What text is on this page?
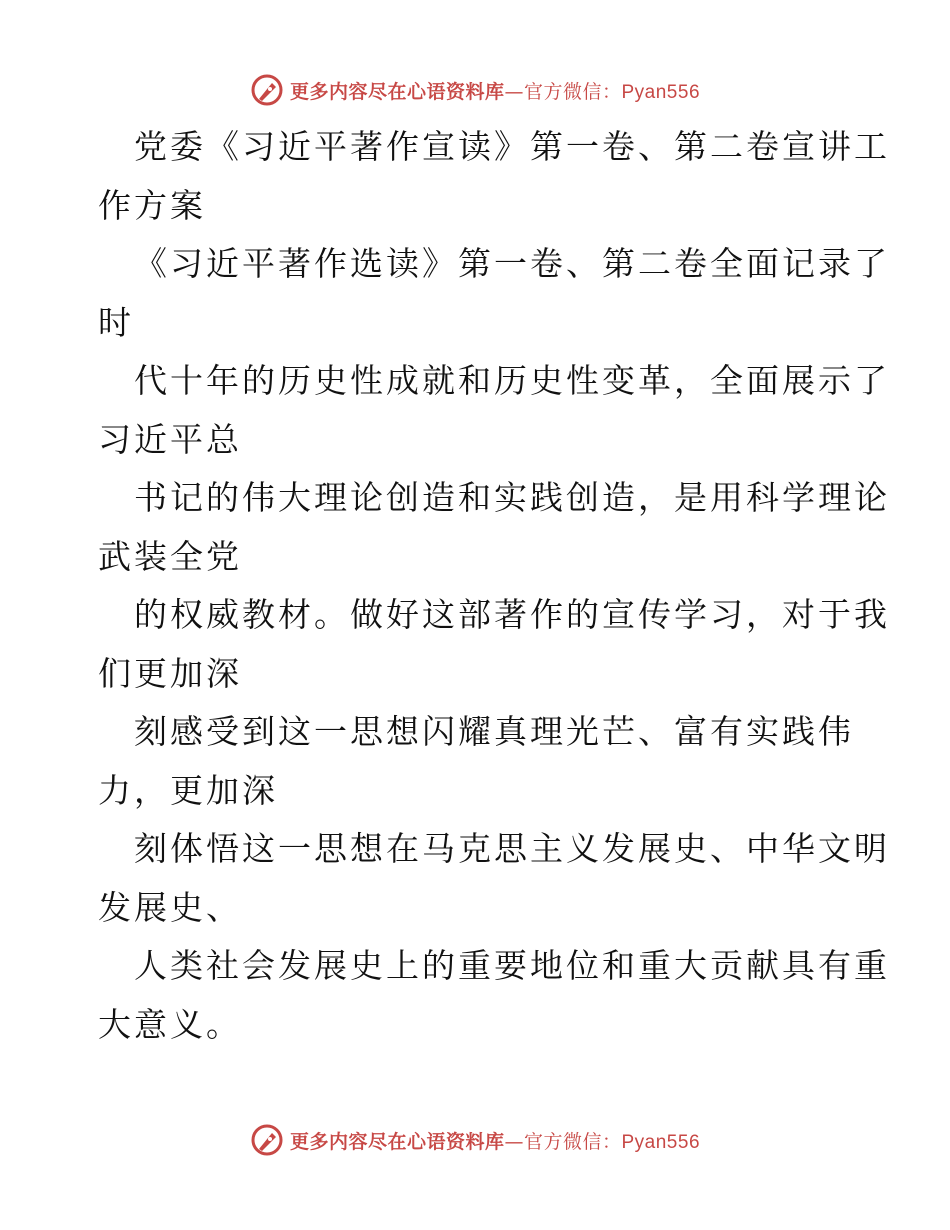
更多内容尽在心语资料库—官方微信：Pyan556
党委《习近平著作宣读》第一卷、第二卷宣讲工
作方案
《习近平著作选读》第一卷、第二卷全面记录了
时
代十年的历史性成就和历史性变革，全面展示了
习近平总
书记的伟大理论创造和实践创造，是用科学理论
武装全党
的权威教材。做好这部著作的宣传学习，对于我
们更加深
刻感受到这一思想闪耀真理光芒、富有实践伟
力，更加深
刻体悟这一思想在马克思主义发展史、中华文明
发展史、
人类社会发展史上的重要地位和重大贡献具有重
大意义。
更多内容尽在心语资料库—官方微信：Pyan556
